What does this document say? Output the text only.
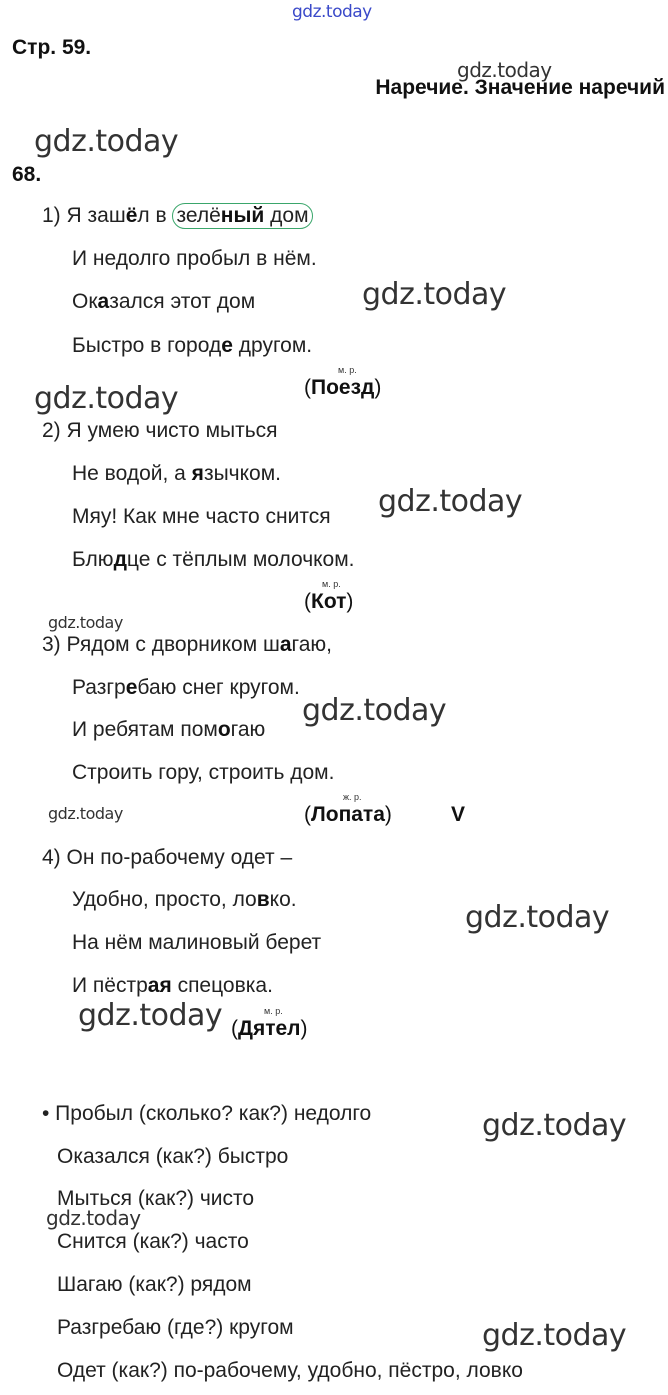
gdz.today
gdz.today
gdz.today
gdz.today
gdz.today
gdz.today
gdz.today
gdz.today
gdz.today
gdz.today
gdz.today
gdz.today
gdz.today
gdz.today
Стр. 59.
Наречие. Значение наречий
68.
1) Я зашёл в зелёный дом
И недолго пробыл в нём.
Оказался этот дом
Быстро в городе другом.
м. р.
(Поезд)
2) Я умею чисто мыться
Не водой, а язычком.
Мяу! Как мне часто снится
Блюдце с тёплым молочком.
м. р.
(Кот)
3) Рядом с дворником шагаю,
Разгребаю снег кругом.
И ребятам помогаю
Строить гору, строить дом.
ж. р.
(Лопата)	V
4) Он по-рабочему одет –
Удобно, просто, ловко.
На нём малиновый берет
И пёстрая спецовка.
м. р.
(Дятел)
• Пробыл (сколько? как?) недолго
Оказался (как?) быстро
Мыться (как?) чисто
Снится (как?) часто
Шагаю (как?) рядом
Разгребаю (где?) кругом
Одет (как?) по-рабочему, удобно, пёстро, ловко
